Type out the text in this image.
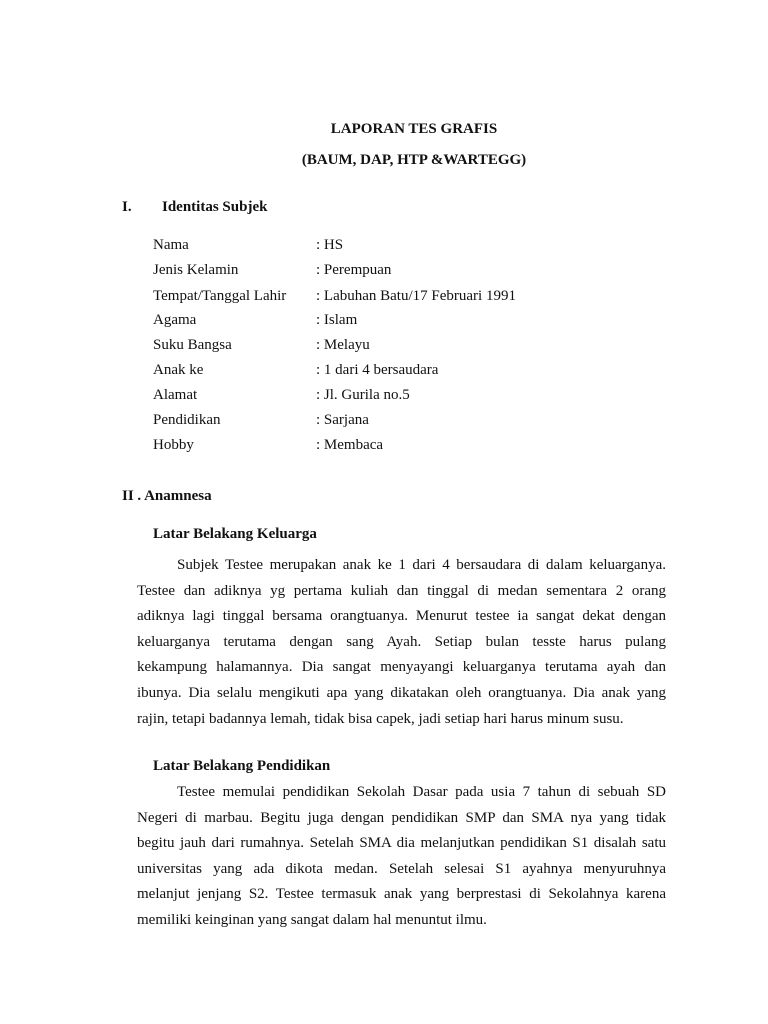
LAPORAN TES GRAFIS
(BAUM, DAP, HTP &WARTEGG)
I. Identitas Subjek
Nama	: HS
Jenis Kelamin	: Perempuan
Tempat/Tanggal Lahir : Labuhan Batu/17 Februari 1991
Agama	: Islam
Suku Bangsa	: Melayu
Anak ke	: 1 dari 4 bersaudara
Alamat	: Jl. Gurila no.5
Pendidikan	: Sarjana
Hobby	: Membaca
II . Anamnesa
Latar Belakang Keluarga
Subjek Testee merupakan anak ke 1 dari 4 bersaudara di dalam keluarganya.
Testee dan adiknya yg pertama kuliah dan tinggal di medan sementara 2 orang
adiknya lagi tinggal bersama orangtuanya. Menurut testee ia sangat dekat dengan
keluarganya terutama dengan sang Ayah. Setiap bulan tesste harus pulang
kekampung halamannya. Dia sangat menyayangi keluarganya terutama ayah dan
ibunya. Dia selalu mengikuti apa yang dikatakan oleh orangtuanya. Dia anak yang
rajin, tetapi badannya lemah, tidak bisa capek, jadi setiap hari harus minum susu.
Latar Belakang Pendidikan
Testee memulai pendidikan Sekolah Dasar pada usia 7 tahun di sebuah SD
Negeri di marbau. Begitu juga dengan pendidikan SMP dan SMA nya yang tidak
begitu jauh dari rumahnya. Setelah SMA dia melanjutkan pendidikan S1 disalah satu
universitas yang ada dikota medan. Setelah selesai S1 ayahnya menyuruhnya
melanjut jenjang S2. Testee termasuk anak yang berprestasi di Sekolahnya karena
memiliki keinginan yang sangat dalam hal menuntut ilmu.
